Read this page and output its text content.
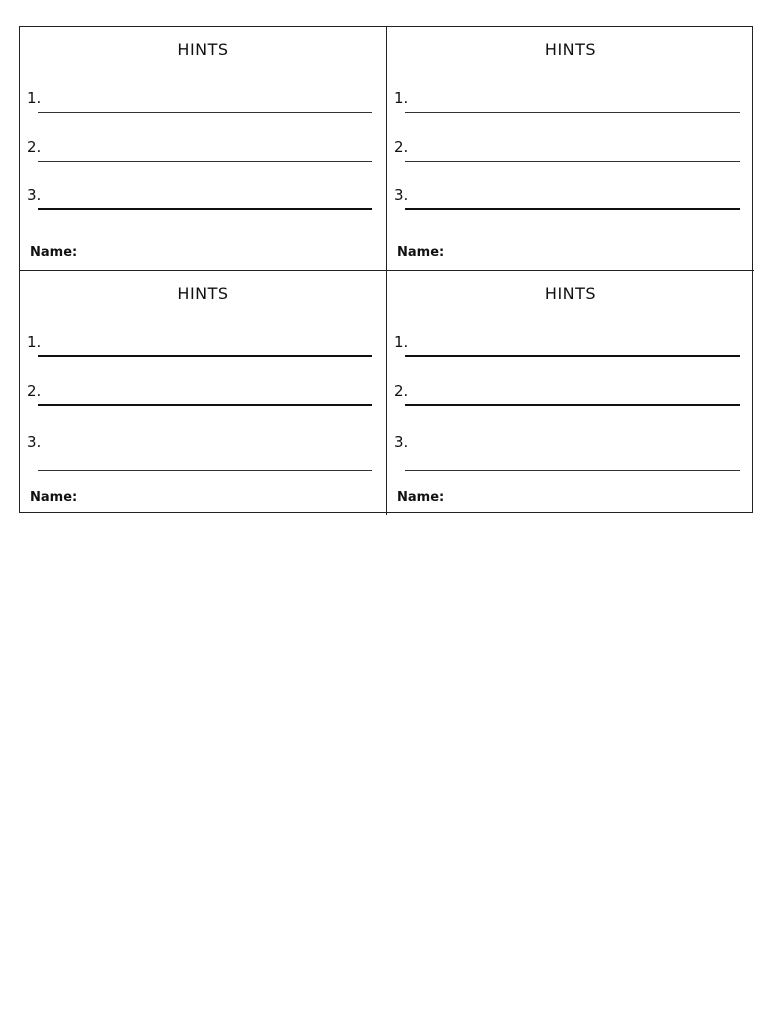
HINTS
1.
2.
3.
Name:
HINTS
1.
2.
3.
Name:
HINTS
1.
2.
3.
Name:
HINTS
1.
2.
3.
Name:
